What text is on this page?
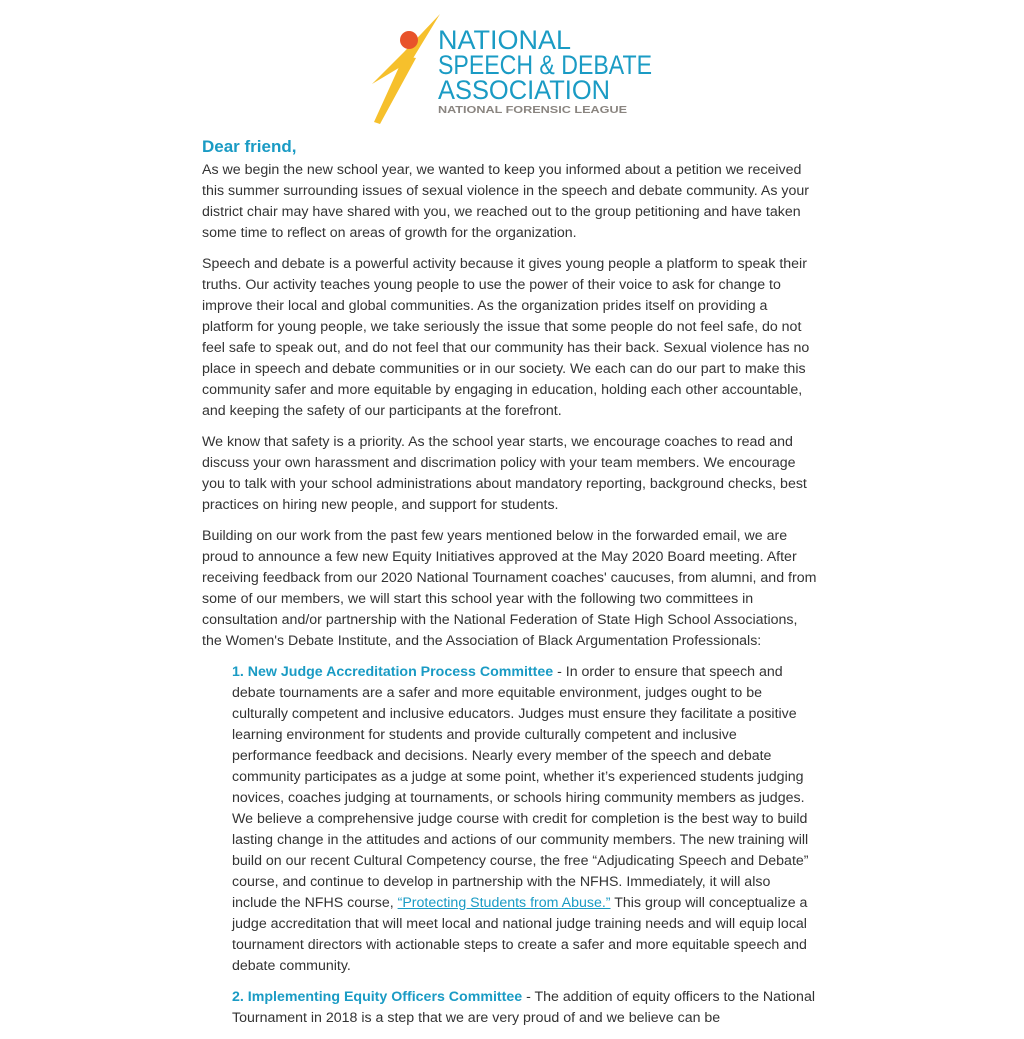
NATIONAL
SPEECH & DEBATE
ASSOCIATION
NATIONAL FORENSIC LEAGUE
Dear friend,

As we begin the new school year, we wanted to keep you informed about a petition we received this summer surrounding issues of sexual violence in the speech and debate community. As your district chair may have shared with you, we reached out to the group petitioning and have taken some time to reflect on areas of growth for the organization.

Speech and debate is a powerful activity because it gives young people a platform to speak their truths. Our activity teaches young people to use the power of their voice to ask for change to improve their local and global communities. As the organization prides itself on providing a platform for young people, we take seriously the issue that some people do not feel safe, do not feel safe to speak out, and do not feel that our community has their back. Sexual violence has no place in speech and debate communities or in our society. We each can do our part to make this community safer and more equitable by engaging in education, holding each other accountable, and keeping the safety of our participants at the forefront.

We know that safety is a priority. As the school year starts, we encourage coaches to read and discuss your own harassment and discrimation policy with your team members. We encourage you to talk with your school administrations about mandatory reporting, background checks, best practices on hiring new people, and support for students.

Building on our work from the past few years mentioned below in the forwarded email, we are proud to announce a few new Equity Initiatives approved at the May 2020 Board meeting. After receiving feedback from our 2020 National Tournament coaches' caucuses, from alumni, and from some of our members, we will start this school year with the following two committees in consultation and/or partnership with the National Federation of State High School Associations, the Women's Debate Institute, and the Association of Black Argumentation Professionals:

1. New Judge Accreditation Process Committee - In order to ensure that speech and debate tournaments are a safer and more equitable environment, judges ought to be culturally competent and inclusive educators. Judges must ensure they facilitate a positive learning environment for students and provide culturally competent and inclusive performance feedback and decisions. Nearly every member of the speech and debate community participates as a judge at some point, whether it’s experienced students judging novices, coaches judging at tournaments, or schools hiring community members as judges. We believe a comprehensive judge course with credit for completion is the best way to build lasting change in the attitudes and actions of our community members. The new training will build on our recent Cultural Competency course, the free “Adjudicating Speech and Debate” course, and continue to develop in partnership with the NFHS. Immediately, it will also include the NFHS course, “Protecting Students from Abuse.” This group will conceptualize a judge accreditation that will meet local and national judge training needs and will equip local tournament directors with actionable steps to create a safer and more equitable speech and debate community.

2. Implementing Equity Officers Committee - The addition of equity officers to the National Tournament in 2018 is a step that we are very proud of and we believe can be
